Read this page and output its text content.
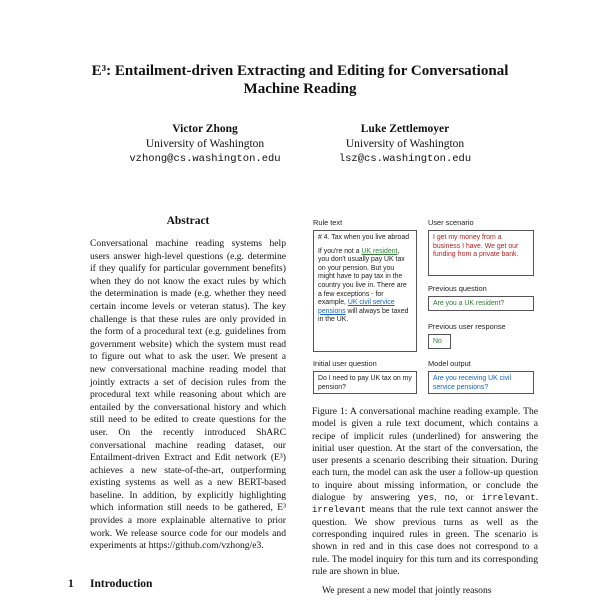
E³: Entailment-driven Extracting and Editing for Conversational
Machine Reading
Victor Zhong
University of Washington
vzhong@cs.washington.edu
Luke Zettlemoyer
University of Washington
lsz@cs.washington.edu
Abstract
Conversational machine reading systems help users answer high-level questions (e.g. determine if they qualify for particular government benefits) when they do not know the exact rules by which the determination is made (e.g. whether they need certain income levels or veteran status). The key challenge is that these rules are only provided in the form of a procedural text (e.g. guidelines from government website) which the system must read to figure out what to ask the user. We present a new conversational machine reading model that jointly extracts a set of decision rules from the procedural text while reasoning about which are entailed by the conversational history and which still need to be edited to create questions for the user. On the recently introduced ShARC conversational machine reading dataset, our Entailment-driven Extract and Edit network (E³) achieves a new state-of-the-art, outperforming existing systems as well as a new BERT-based baseline. In addition, by explicitly highlighting which information still needs to be gathered, E³ provides a more explainable alternative to prior work. We release source code for our models and experiments at https://github.com/vzhong/e3.
1 Introduction
Rule text
# 4. Tax when you live abroad
If you're not a UK resident, you don't usually pay UK tax on your pension. But you might have to pay tax in the country you live in. There are a few exceptions - for example, UK civil service pensions will always be taxed in the UK.
User scenario
I get my money from a business I have. We get our funding from a private bank.
Previous question
Are you a UK resident?
Previous user response
No
Initial user question
Do I need to pay UK tax on my pension?
Model output
Are you receiving UK civil service pensions?
Figure 1: A conversational machine reading example. The model is given a rule text document, which contains a recipe of implicit rules (underlined) for answering the initial user question. At the start of the conversation, the user presents a scenario describing their situation. During each turn, the model can ask the user a follow-up question to inquire about missing information, or conclude the dialogue by answering yes, no, or irrelevant. irrelevant means that the rule text cannot answer the question. We show previous turns as well as the corresponding inquired rules in green. The scenario is shown in red and in this case does not correspond to a rule. The model inquiry for this turn and its corresponding rule are shown in blue.
We present a new model that jointly reasons
